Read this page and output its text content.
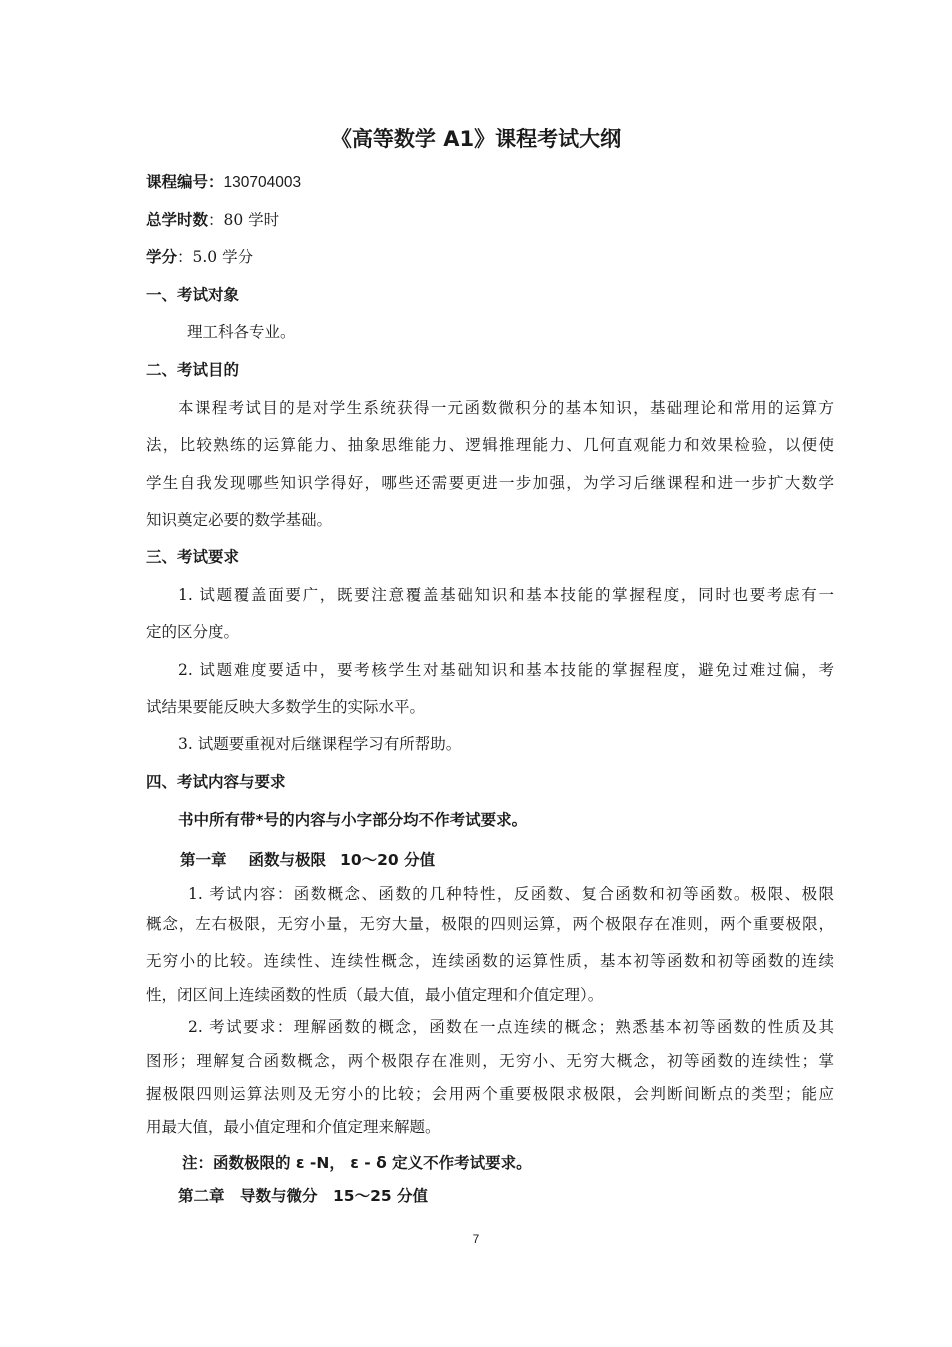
《高等数学 A1》课程考试大纲
课程编号：130704003
总学时数：80 学时
学分：5.0 学分
一、考试对象
理工科各专业。
二、考试目的
本课程考试目的是对学生系统获得一元函数微积分的基本知识，基础理论和常用的运算方
法，比较熟练的运算能力、抽象思维能力、逻辑推理能力、几何直观能力和效果检验，以便使
学生自我发现哪些知识学得好，哪些还需要更进一步加强，为学习后继课程和进一步扩大数学
知识奠定必要的数学基础。
三、考试要求
1. 试题覆盖面要广，既要注意覆盖基础知识和基本技能的掌握程度，同时也要考虑有一
定的区分度。
2. 试题难度要适中，要考核学生对基础知识和基本技能的掌握程度，避免过难过偏，考
试结果要能反映大多数学生的实际水平。
3. 试题要重视对后继课程学习有所帮助。
四、考试内容与要求
书中所有带*号的内容与小字部分均不作考试要求。
第一章 函数与极限 10～20 分值
1. 考试内容：函数概念、函数的几种特性，反函数、复合函数和初等函数。极限、极限
概念，左右极限，无穷小量，无穷大量，极限的四则运算，两个极限存在准则，两个重要极限，
无穷小的比较。连续性、连续性概念，连续函数的运算性质，基本初等函数和初等函数的连续
性，闭区间上连续函数的性质（最大值，最小值定理和介值定理）。
2. 考试要求：理解函数的概念，函数在一点连续的概念；熟悉基本初等函数的性质及其
图形；理解复合函数概念，两个极限存在准则，无穷小、无穷大概念，初等函数的连续性；掌
握极限四则运算法则及无穷小的比较；会用两个重要极限求极限，会判断间断点的类型；能应
用最大值，最小值定理和介值定理来解题。
注：函数极限的 ε -N， ε - δ 定义不作考试要求。
第二章　导数与微分　15～25 分值
7
